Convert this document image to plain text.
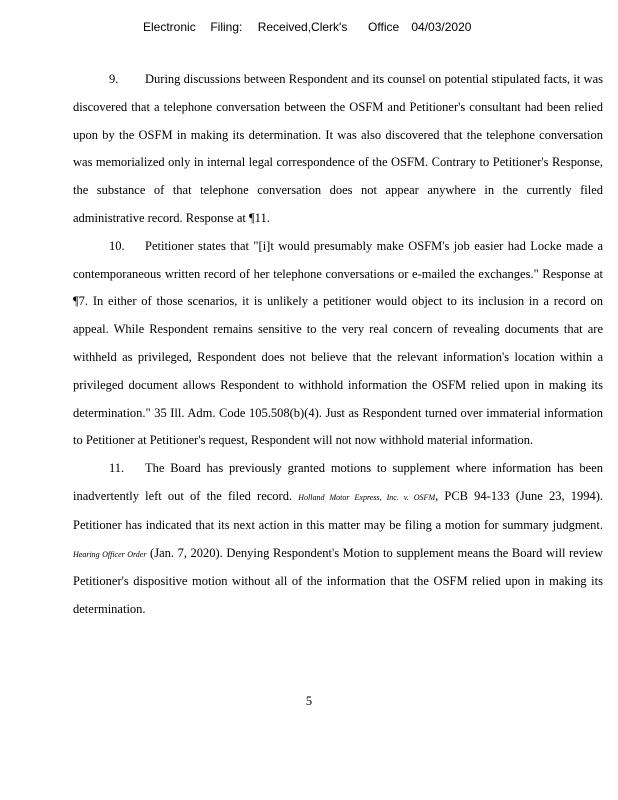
Electronic Filing: Received,Clerk's Office 04/03/2020

9. During discussions between Respondent and its counsel on potential stipulated facts, it was discovered that a telephone conversation between the OSFM and Petitioner's consultant had been relied upon by the OSFM in making its determination. It was also discovered that the telephone conversation was memorialized only in internal legal correspondence of the OSFM. Contrary to Petitioner's Response, the substance of that telephone conversation does not appear anywhere in the currently filed administrative record. Response at ¶11.

10. Petitioner states that "[i]t would presumably make OSFM's job easier had Locke made a contemporaneous written record of her telephone conversations or e-mailed the exchanges." Response at ¶7. In either of those scenarios, it is unlikely a petitioner would object to its inclusion in a record on appeal. While Respondent remains sensitive to the very real concern of revealing documents that are withheld as privileged, Respondent does not believe that the relevant information's location within a privileged document allows Respondent to withhold information the OSFM relied upon in making its determination." 35 Ill. Adm. Code 105.508(b)(4). Just as Respondent turned over immaterial information to Petitioner at Petitioner's request, Respondent will not now withhold material information.

11. The Board has previously granted motions to supplement where information has been inadvertently left out of the filed record. Holland Motor Express, Inc. v. OSFM, PCB 94-133 (June 23, 1994). Petitioner has indicated that its next action in this matter may be filing a motion for summary judgment. Hearing Officer Order (Jan. 7, 2020). Denying Respondent's Motion to supplement means the Board will review Petitioner's dispositive motion without all of the information that the OSFM relied upon in making its determination.

5
